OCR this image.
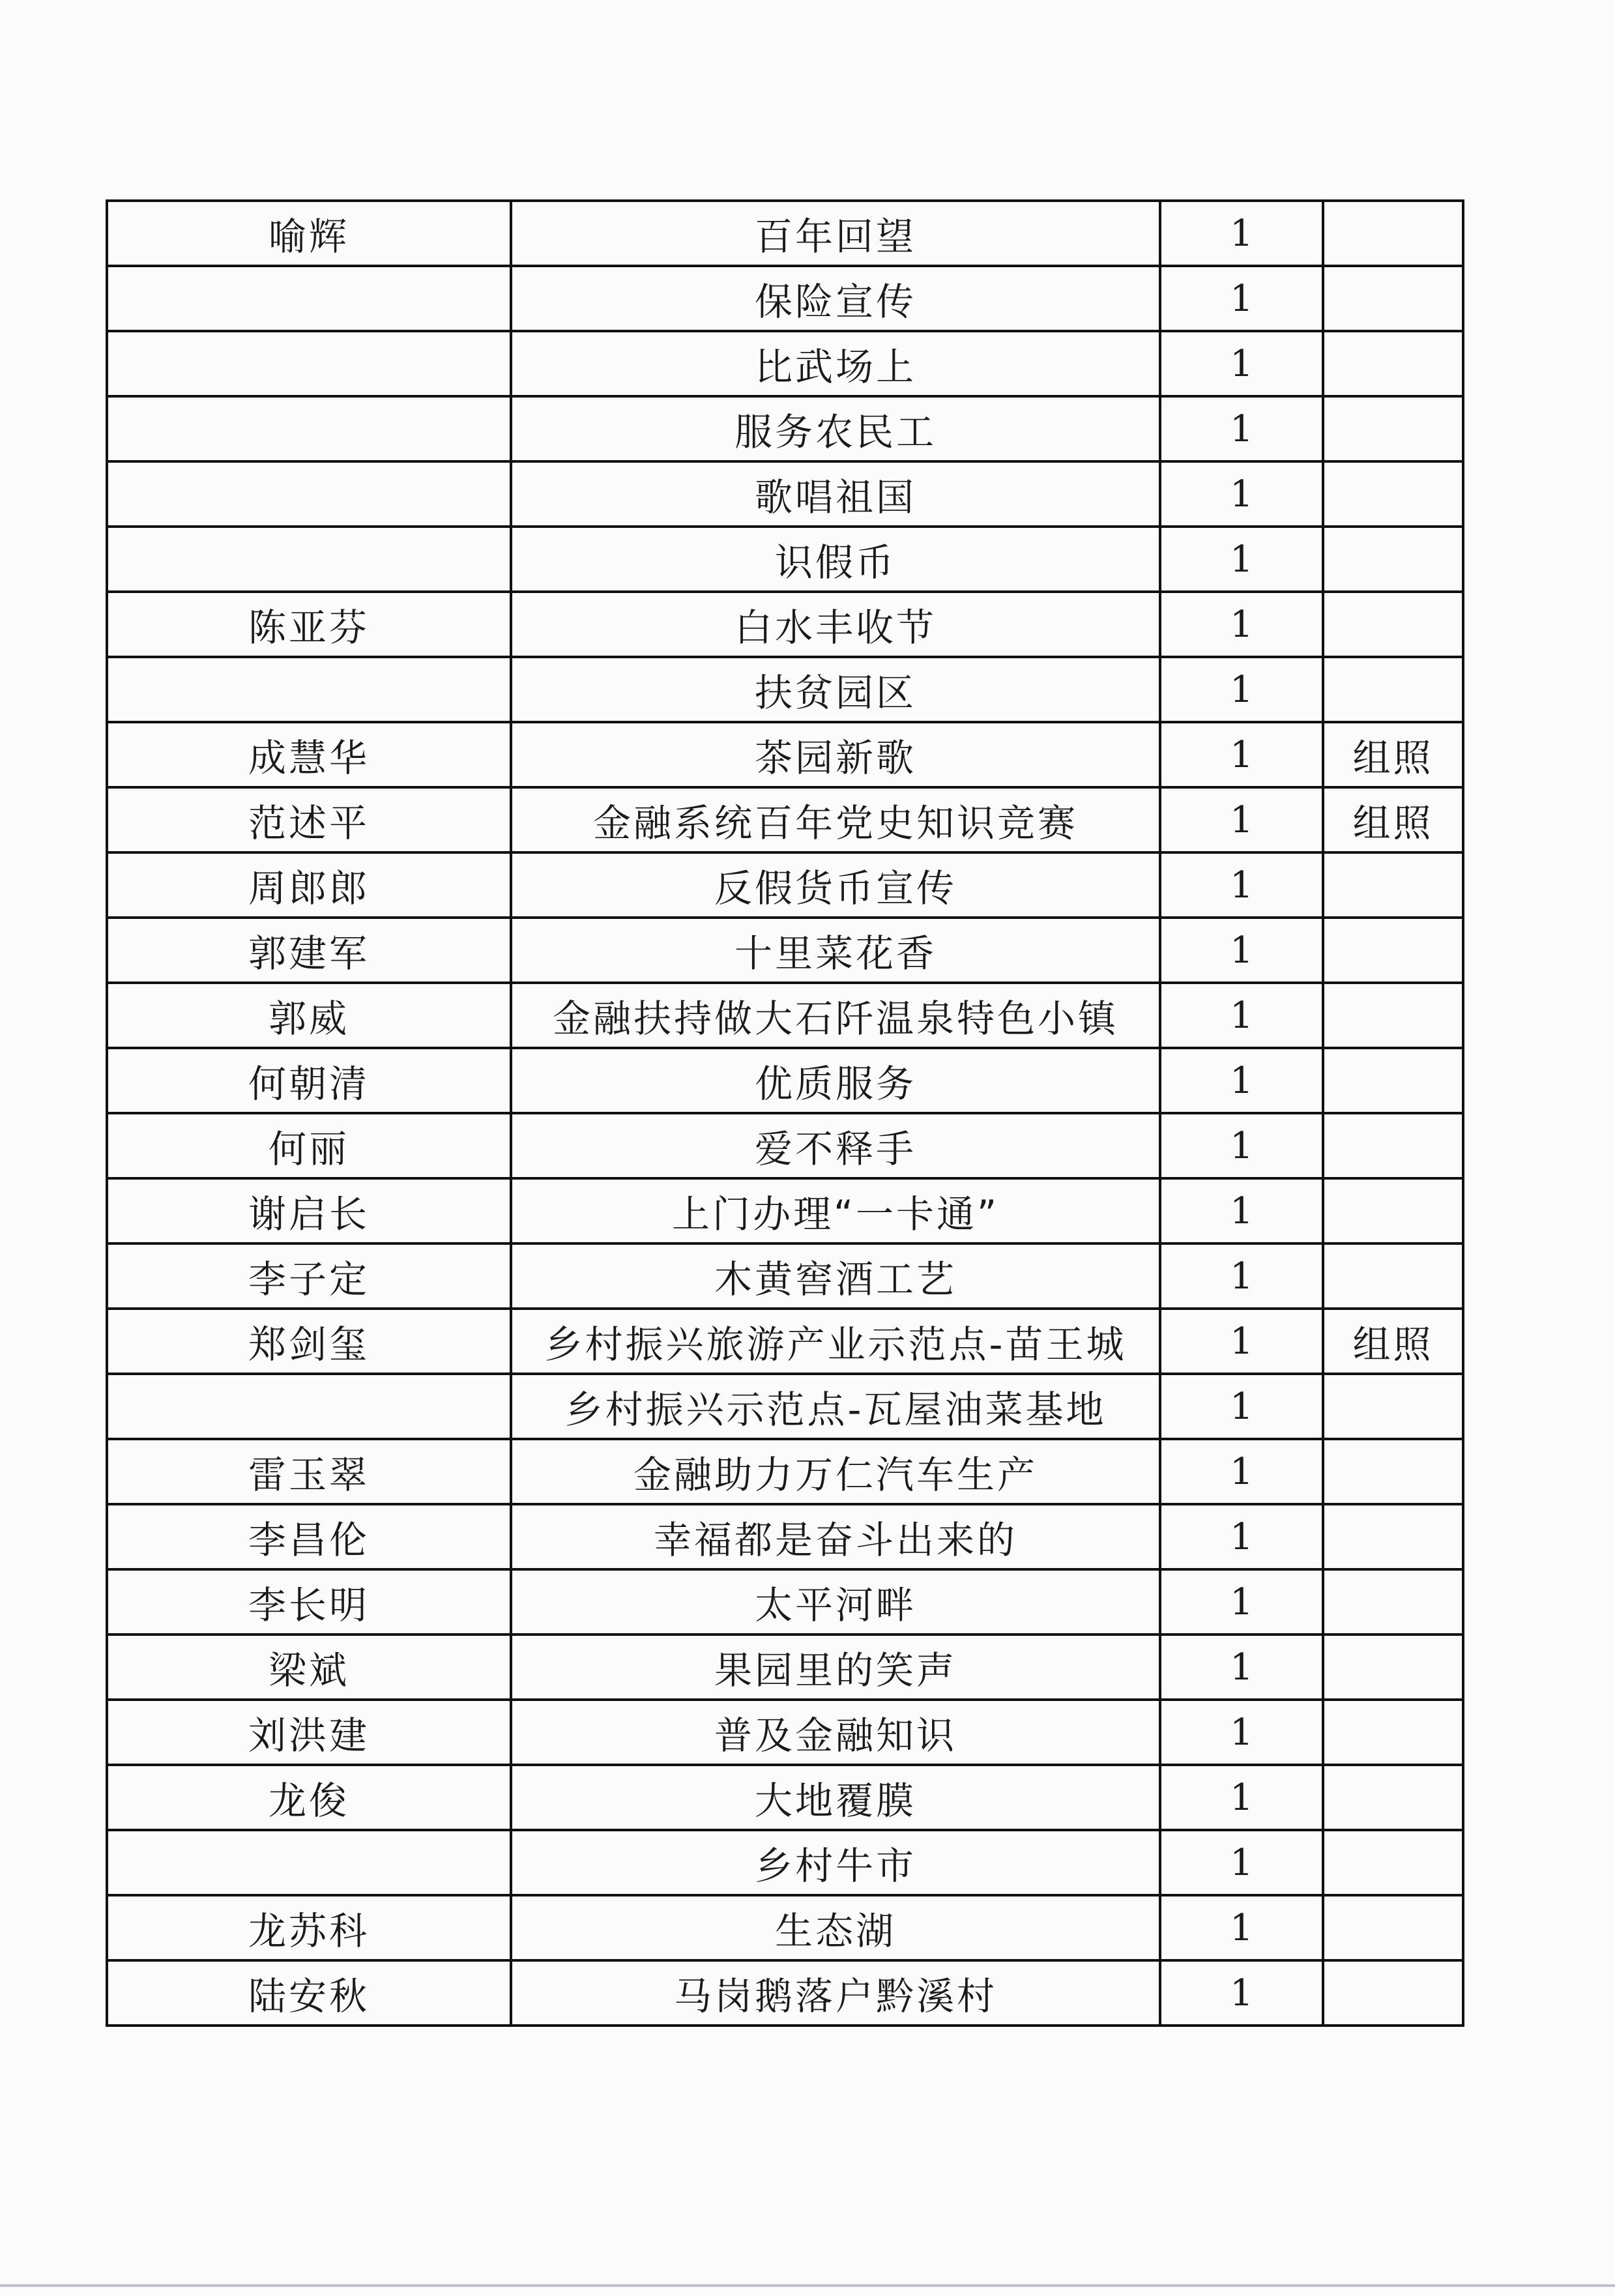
喻辉	百年回望	1	
	保险宣传	1	
	比武场上	1	
	服务农民工	1	
	歌唱祖国	1	
	识假币	1	
陈亚芬	白水丰收节	1	
	扶贫园区	1	
成慧华	茶园新歌	1	组照
范述平	金融系统百年党史知识竞赛	1	组照
周郎郎	反假货币宣传	1	
郭建军	十里菜花香	1	
郭威	金融扶持做大石阡温泉特色小镇	1	
何朝清	优质服务	1	
何丽	爱不释手	1	
谢启长	上门办理“一卡通”	1	
李子定	木黄窖酒工艺	1	
郑剑玺	乡村振兴旅游产业示范点-苗王城	1	组照
	乡村振兴示范点-瓦屋油菜基地	1	
雷玉翠	金融助力万仁汽车生产	1	
李昌伦	幸福都是奋斗出来的	1	
李长明	太平河畔	1	
梁斌	果园里的笑声	1	
刘洪建	普及金融知识	1	
龙俊	大地覆膜	1	
	乡村牛市	1	
龙苏科	生态湖	1	
陆安秋	马岗鹅落户黔溪村	1	
